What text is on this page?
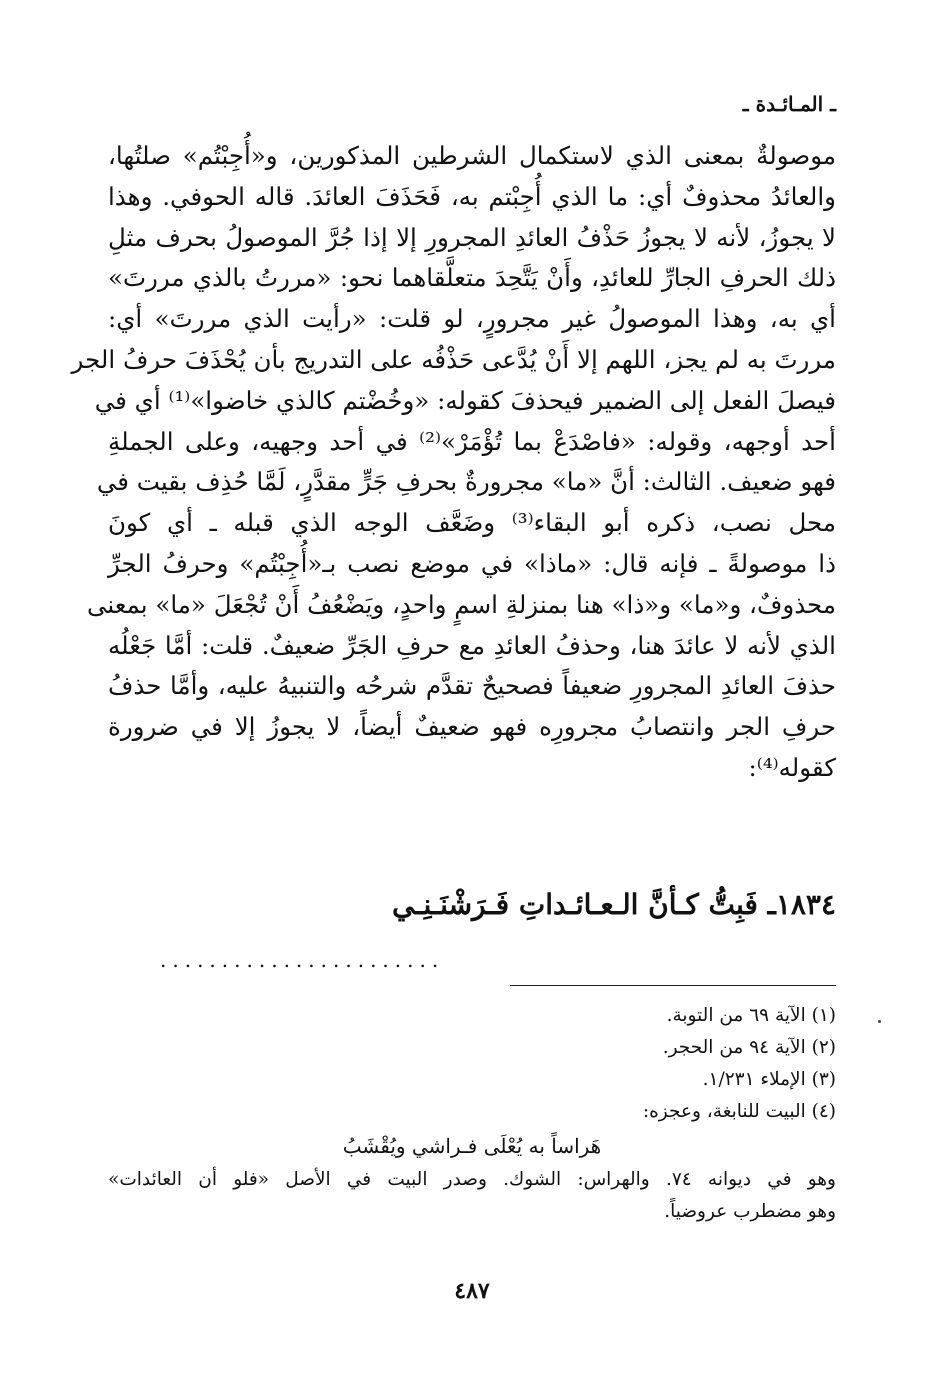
ـ المـائـدة ـ
موصولةٌ بمعنى الذي لاستكمال الشرطين المذكورين، و«أُجِبْتُم» صلتُها،
والعائدُ محذوفٌ أي: ما الذي أُجِبْتم به، فَحَذَفَ العائدَ. قاله الحوفي. وهذا
لا يجوزُ، لأنه لا يجوزُ حَذْفُ العائدِ المجرورِ إلا إذا جُرَّ الموصولُ بحرف مثلِ
ذلك الحرفِ الجارِّ للعائدِ، وأَنْ يَتَّحِدَ متعلَّقاهما نحو: «مررتُ بالذي مررتَ»
أي به، وهذا الموصولُ غير مجرورٍ، لو قلت: «رأيت الذي مررتَ» أي:
مررتَ به لم يجز، اللهم إلا أَنْ يُدَّعى حَذْفُه على التدريج بأن يُحْذَفَ حرفُ الجر
فيصلَ الفعل إلى الضمير فيحذفَ كقوله: «وخُضْتم كالذي خاضوا»⁽¹⁾ أي في
أحد أوجهه، وقوله: «فاصْدَعْ بما تُؤْمَرْ»⁽²⁾ في أحد وجهيه، وعلى الجملةِ
فهو ضعيف. الثالث: أنَّ «ما» مجرورةٌ بحرفِ جَرٍّ مقدَّرٍ، لَمَّا حُذِف بقيت في
محل نصب، ذكره أبو البقاء⁽³⁾ وضَعَّف الوجه الذي قبله ـ أي كونَ
ذا موصولةً ـ فإنه قال: «ماذا» في موضع نصب بـ«أُجِبْتُم» وحرفُ الجرِّ
محذوفٌ، و«ما» و«ذا» هنا بمنزلةِ اسمٍ واحدٍ، ويَضْعُفُ أَنْ تُجْعَلَ «ما» بمعنى
الذي لأنه لا عائدَ هنا، وحذفُ العائدِ مع حرفِ الجَرِّ ضعيفٌ. قلت: أمَّا جَعْلُه
حذفَ العائدِ المجرورِ ضعيفاً فصحيحٌ تقدَّم شرحُه والتنبيهُ عليه، وأمَّا حذفُ
حرفِ الجر وانتصابُ مجرورِه فهو ضعيفٌ أيضاً، لا يجوزُ إلا في ضرورة
كقوله⁽⁴⁾:
١٨٣٤ـ فَبِتُّ كـأنَّ الـعـائـداتِ فَـرَشْنَـنِـي
.......................
(١) الآية ٦٩ من التوبة.
(٢) الآية ٩٤ من الحجر.
(٣) الإملاء ١/٢٣١.
(٤) البيت للنابغة، وعجزه:
هَراساً به يُعْلَى فـراشي ويُقْشَبُ
وهو في ديوانه ٧٤. والهراس: الشوك. وصدر البيت في الأصل «فلو أن العائدات»
وهو مضطرب عروضياً.
٤٨٧
